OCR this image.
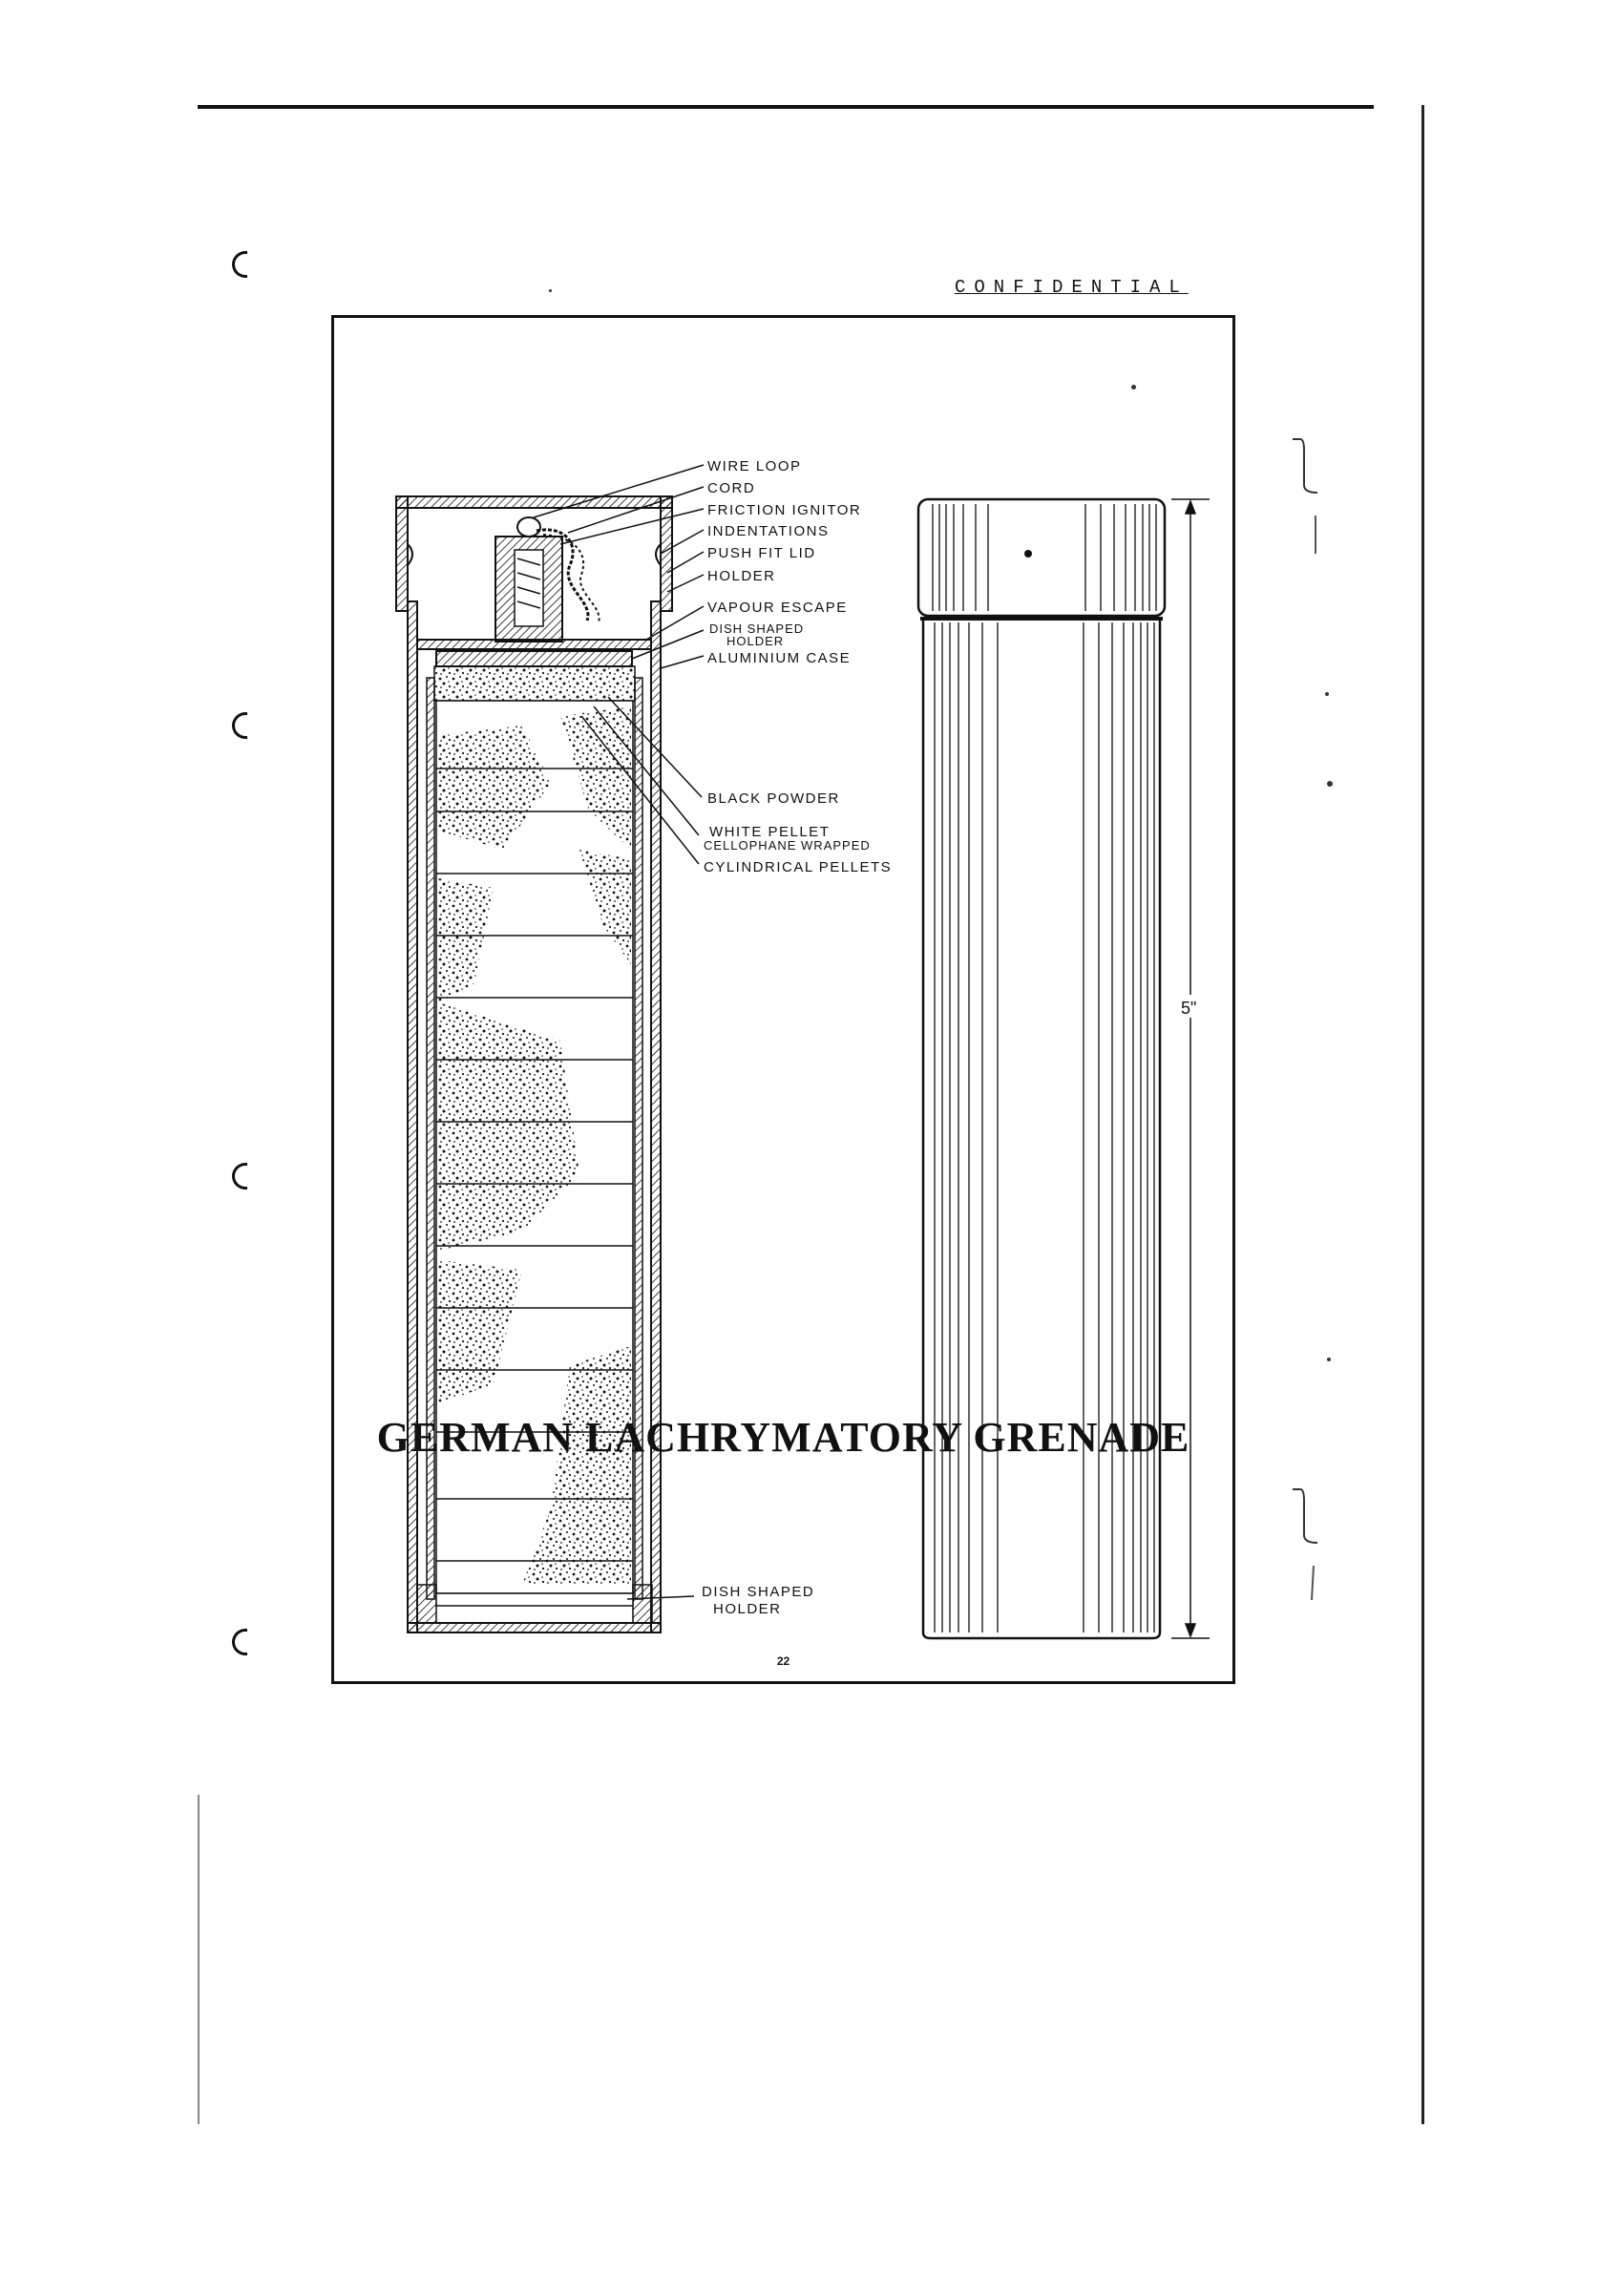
CONFIDENTIAL
WIRE LOOP
CORD
FRICTION IGNITOR
INDENTATIONS
PUSH FIT LID
HOLDER
VAPOUR ESCAPE
DISH SHAPED
HOLDER
ALUMINIUM CASE
BLACK POWDER
WHITE PELLET
CELLOPHANE WRAPPED
CYLINDRICAL PELLETS
DISH SHAPED
HOLDER
5"
GERMAN LACHRYMATORY GRENADE
22
